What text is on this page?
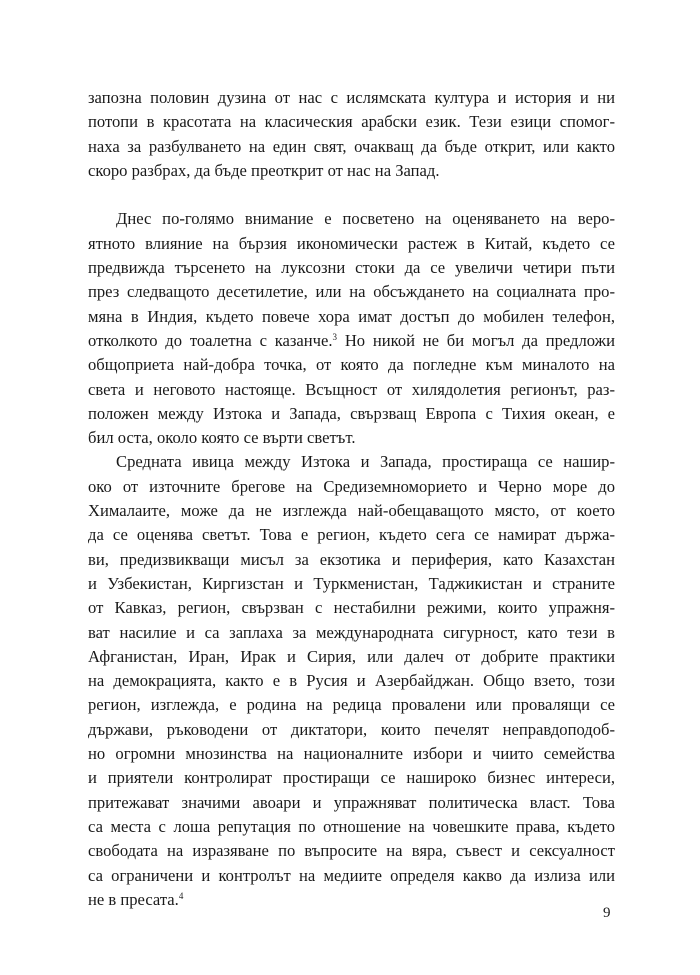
запозна половин дузина от нас с ислямската култура и история и ни
потопи в красотата на класическия арабски език. Тези езици спомог-
наха за разбулването на един свят, очакващ да бъде открит, или както
скоро разбрах, да бъде преоткрит от нас на Запад.
Днес по-голямо внимание е посветено на оценяването на веро-
ятното влияние на бързия икономически растеж в Китай, където се
предвижда търсенето на луксозни стоки да се увеличи четири пъти
през следващото десетилетие, или на обсъждането на социалната про-
мяна в Индия, където повече хора имат достъп до мобилен телефон,
отколкото до тоалетна с казанче.$^3$ Но никой не би могъл да предложи
общоприета най-добра точка, от която да погледне към миналото на
света и неговото настояще. Всъщност от хилядолетия регионът, раз-
положен между Изтока и Запада, свързващ Европа с Тихия океан, е
бил оста, около която се върти светът.
Средната ивица между Изтока и Запада, простираща се нашир-
око от източните брегове на Средиземноморието и Черно море до
Хималаите, може да не изглежда най-обещаващото място, от което
да се оценява светът. Това е регион, където сега се намират държа-
ви, предизвикващи мисъл за екзотика и периферия, като Казахстан
и Узбекистан, Киргизстан и Туркменистан, Таджикистан и страните
от Кавказ, регион, свързван с нестабилни режими, които упражня-
ват насилие и са заплаха за международната сигурност, като тези в
Афганистан, Иран, Ирак и Сирия, или далеч от добрите практики
на демокрацията, както е в Русия и Азербайджан. Общо взето, този
регион, изглежда, е родина на редица провалени или провалящи се
държави, ръководени от диктатори, които печелят неправдоподоб-
но огромни мнозинства на националните избори и чиито семейства
и приятели контролират простиращи се нашироко бизнес интереси,
притежават значими авоари и упражняват политическа власт. Това
са места с лоша репутация по отношение на човешките права, където
свободата на изразяване по въпросите на вяра, съвест и сексуалност
са ограничени и контролът на медиите определя какво да излиза или
не в пресата.$^4$
9
